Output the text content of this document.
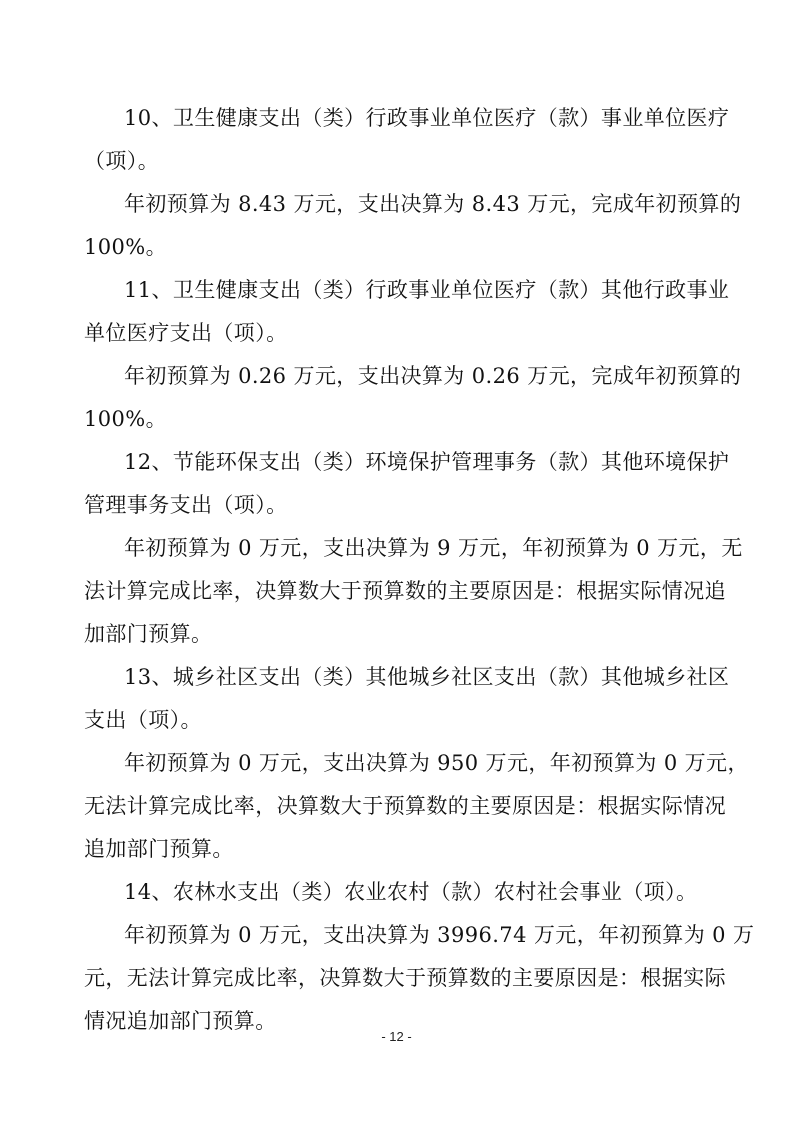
10、卫生健康支出（类）行政事业单位医疗（款）事业单位医疗
（项）。
年初预算为 8.43 万元，支出决算为 8.43 万元，完成年初预算的
100%。
11、卫生健康支出（类）行政事业单位医疗（款）其他行政事业
单位医疗支出（项）。
年初预算为 0.26 万元，支出决算为 0.26 万元，完成年初预算的
100%。
12、节能环保支出（类）环境保护管理事务（款）其他环境保护
管理事务支出（项）。
年初预算为 0 万元，支出决算为 9 万元，年初预算为 0 万元，无
法计算完成比率，决算数大于预算数的主要原因是：根据实际情况追
加部门预算。
13、城乡社区支出（类）其他城乡社区支出（款）其他城乡社区
支出（项）。
年初预算为 0 万元，支出决算为 950 万元，年初预算为 0 万元，
无法计算完成比率，决算数大于预算数的主要原因是：根据实际情况
追加部门预算。
14、农林水支出（类）农业农村（款）农村社会事业（项）。
年初预算为 0 万元，支出决算为 3996.74 万元，年初预算为 0 万
元，无法计算完成比率，决算数大于预算数的主要原因是：根据实际
情况追加部门预算。
- 12 -
